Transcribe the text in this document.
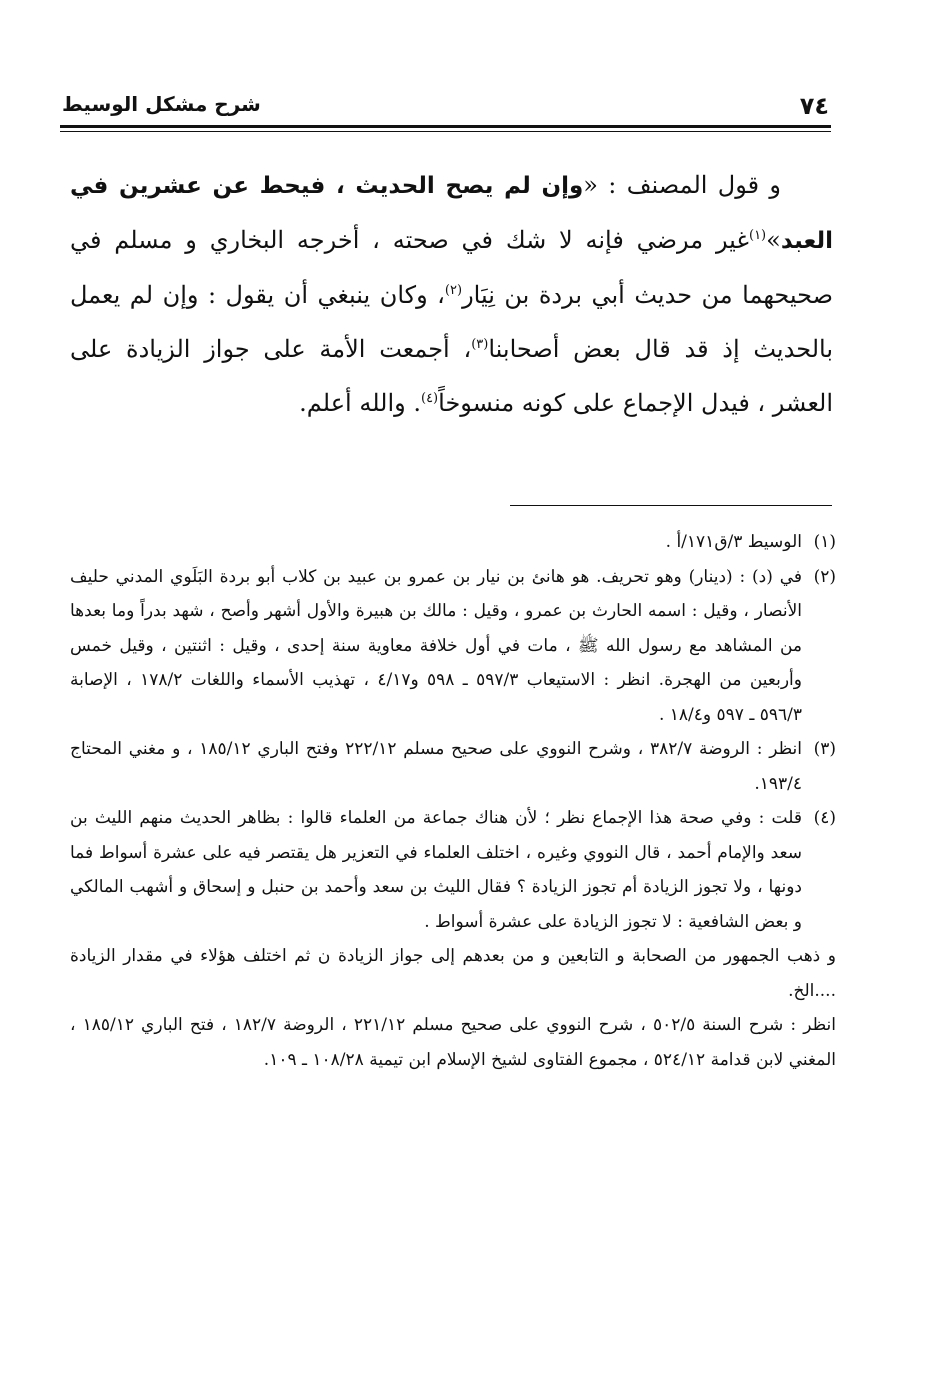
٧٤
شرح مشكل الوسيط

و قول المصنف : «وإن لم يصح الحديث ، فيحط عن عشرين في العبد»$^{(١)}$غير مرضي فإنه لا شك في صحته ، أخرجه البخاري و مسلم في صحيحهما من حديث أبي بردة بن نِيَار$^{(٢)}$، وكان ينبغي أن يقول : وإن لم يعمل بالحديث إذ قد قال بعض أصحابنا$^{(٣)}$، أجمعت الأمة على جواز الزيادة على العشر ، فيدل الإجماع على كونه منسوخاً$^{(٤)}$. والله أعلم.

(١)
الوسيط ٣/ق١٧١/أ .
(٢)
في (د) : (دينار) وهو تحريف. هو هانئ بن نيار بن عمرو بن عبيد بن كلاب أبو بردة البَلَوي المدني حليف الأنصار ، وقيل : اسمه الحارث بن عمرو ، وقيل : مالك بن هبيرة والأول أشهر وأصح ، شهد بدراً وما بعدها من المشاهد مع رسول الله ﷺ ، مات في أول خلافة معاوية سنة إحدى ، وقيل : اثنتين ، وقيل خمس وأربعين من الهجرة. انظر : الاستيعاب ٥٩٧/٣ ـ ٥٩٨ و٤/١٧ ، تهذيب الأسماء واللغات ١٧٨/٢ ، الإصابة ٥٩٦/٣ ـ ٥٩٧ و١٨/٤ .
(٣)
انظر : الروضة ٣٨٢/٧ ، وشرح النووي على صحيح مسلم ٢٢٢/١٢ وفتح الباري ١٨٥/١٢ ، و مغني المحتاج ١٩٣/٤.
(٤)
قلت : وفي صحة هذا الإجماع نظر ؛ لأن هناك جماعة من العلماء قالوا : بظاهر الحديث منهم الليث بن سعد والإمام أحمد ، قال النووي وغيره ، اختلف العلماء في التعزير هل يقتصر فيه على عشرة أسواط فما دونها ، ولا تجوز الزيادة أم تجوز الزيادة ؟ فقال الليث بن سعد وأحمد بن حنبل و إسحاق و أشهب المالكي و بعض الشافعية : لا تجوز الزيادة على عشرة أسواط .

و ذهب الجمهور من الصحابة و التابعين و من بعدهم إلى جواز الزيادة ن ثم اختلف هؤلاء في مقدار الزيادة ....الخ.

انظر : شرح السنة ٥٠٢/٥ ، شرح النووي على صحيح مسلم ٢٢١/١٢ ، الروضة ١٨٢/٧ ، فتح الباري ١٨٥/١٢ ، المغني لابن قدامة ٥٢٤/١٢ ، مجموع الفتاوى لشيخ الإسلام ابن تيمية ١٠٨/٢٨ ـ ١٠٩.
